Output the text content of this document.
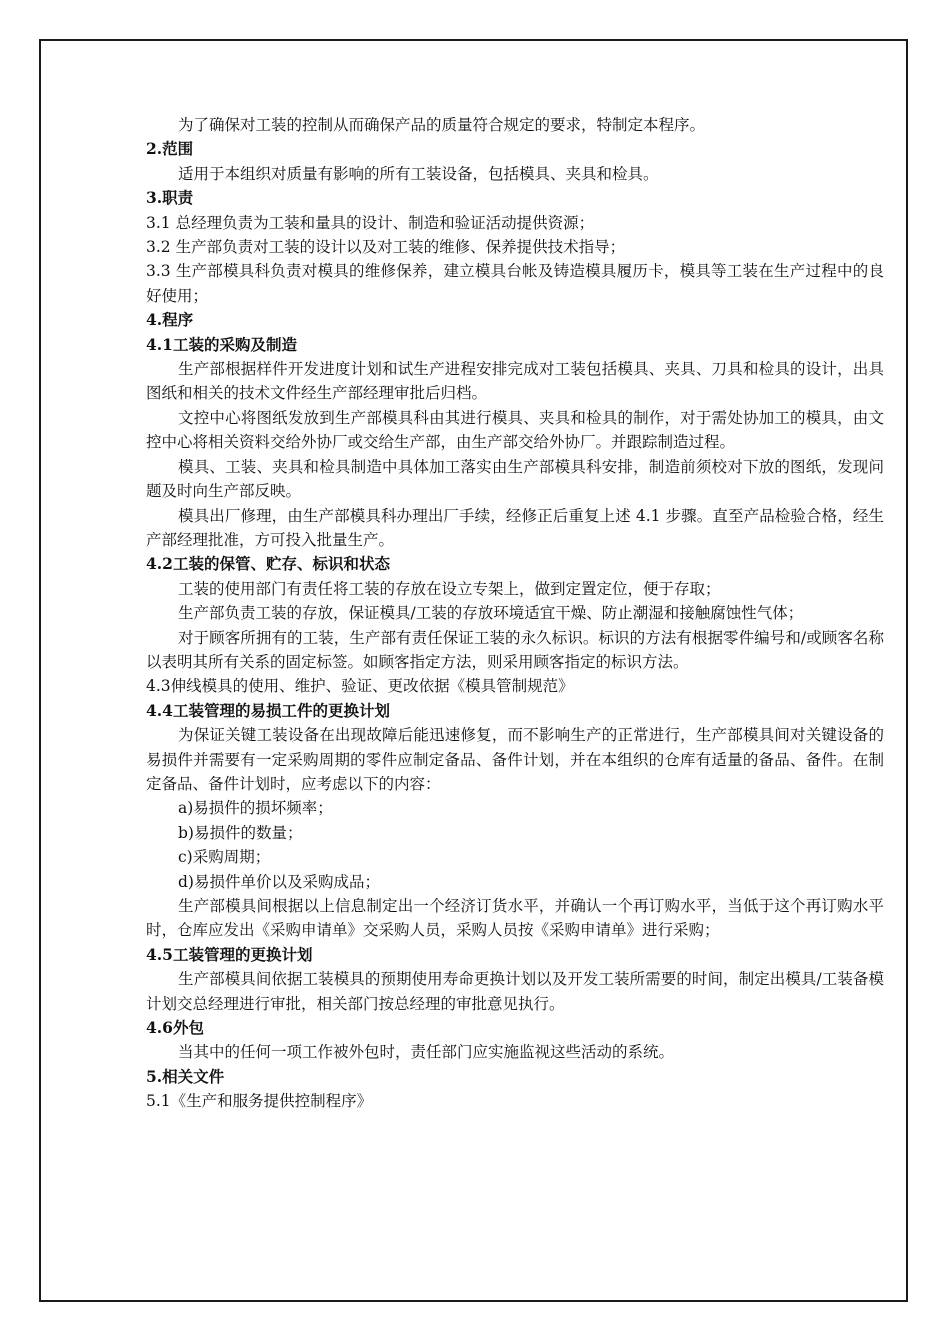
为了确保对工装的控制从而确保产品的质量符合规定的要求，特制定本程序。

2.范围

适用于本组织对质量有影响的所有工装设备，包括模具、夹具和检具。

3.职责

3.1 总经理负责为工装和量具的设计、制造和验证活动提供资源；

3.2 生产部负责对工装的设计以及对工装的维修、保养提供技术指导；

3.3 生产部模具科负责对模具的维修保养，建立模具台帐及铸造模具履历卡，模具等工装在生产过程中的良好使用；

4.程序

4.1工装的采购及制造

生产部根据样件开发进度计划和试生产进程安排完成对工装包括模具、夹具、刀具和检具的设计，出具图纸和相关的技术文件经生产部经理审批后归档。

文控中心将图纸发放到生产部模具科由其进行模具、夹具和检具的制作，对于需处协加工的模具，由文控中心将相关资料交给外协厂或交给生产部，由生产部交给外协厂。并跟踪制造过程。

模具、工装、夹具和检具制造中具体加工落实由生产部模具科安排，制造前须校对下放的图纸，发现问题及时向生产部反映。

模具出厂修理，由生产部模具科办理出厂手续，经修正后重复上述 4.1 步骤。直至产品检验合格，经生产部经理批准，方可投入批量生产。

4.2工装的保管、贮存、标识和状态

工装的使用部门有责任将工装的存放在设立专架上，做到定置定位，便于存取；

生产部负责工装的存放，保证模具/工装的存放环境适宜干燥、防止潮湿和接触腐蚀性气体；

对于顾客所拥有的工装，生产部有责任保证工装的永久标识。标识的方法有根据零件编号和/或顾客名称以表明其所有关系的固定标签。如顾客指定方法，则采用顾客指定的标识方法。

4.3伸线模具的使用、维护、验证、更改依据《模具管制规范》

4.4工装管理的易损工件的更换计划

为保证关键工装设备在出现故障后能迅速修复，而不影响生产的正常进行，生产部模具间对关键设备的易损件并需要有一定采购周期的零件应制定备品、备件计划，并在本组织的仓库有适量的备品、备件。在制定备品、备件计划时，应考虑以下的内容：

a)易损件的损坏频率；

b)易损件的数量；

c)采购周期；

d)易损件单价以及采购成品；

生产部模具间根据以上信息制定出一个经济订货水平，并确认一个再订购水平，当低于这个再订购水平时，仓库应发出《采购申请单》交采购人员，采购人员按《采购申请单》进行采购；

4.5工装管理的更换计划

生产部模具间依据工装模具的预期使用寿命更换计划以及开发工装所需要的时间，制定出模具/工装备模计划交总经理进行审批，相关部门按总经理的审批意见执行。

4.6外包

当其中的任何一项工作被外包时，责任部门应实施监视这些活动的系统。

5.相关文件

5.1《生产和服务提供控制程序》
